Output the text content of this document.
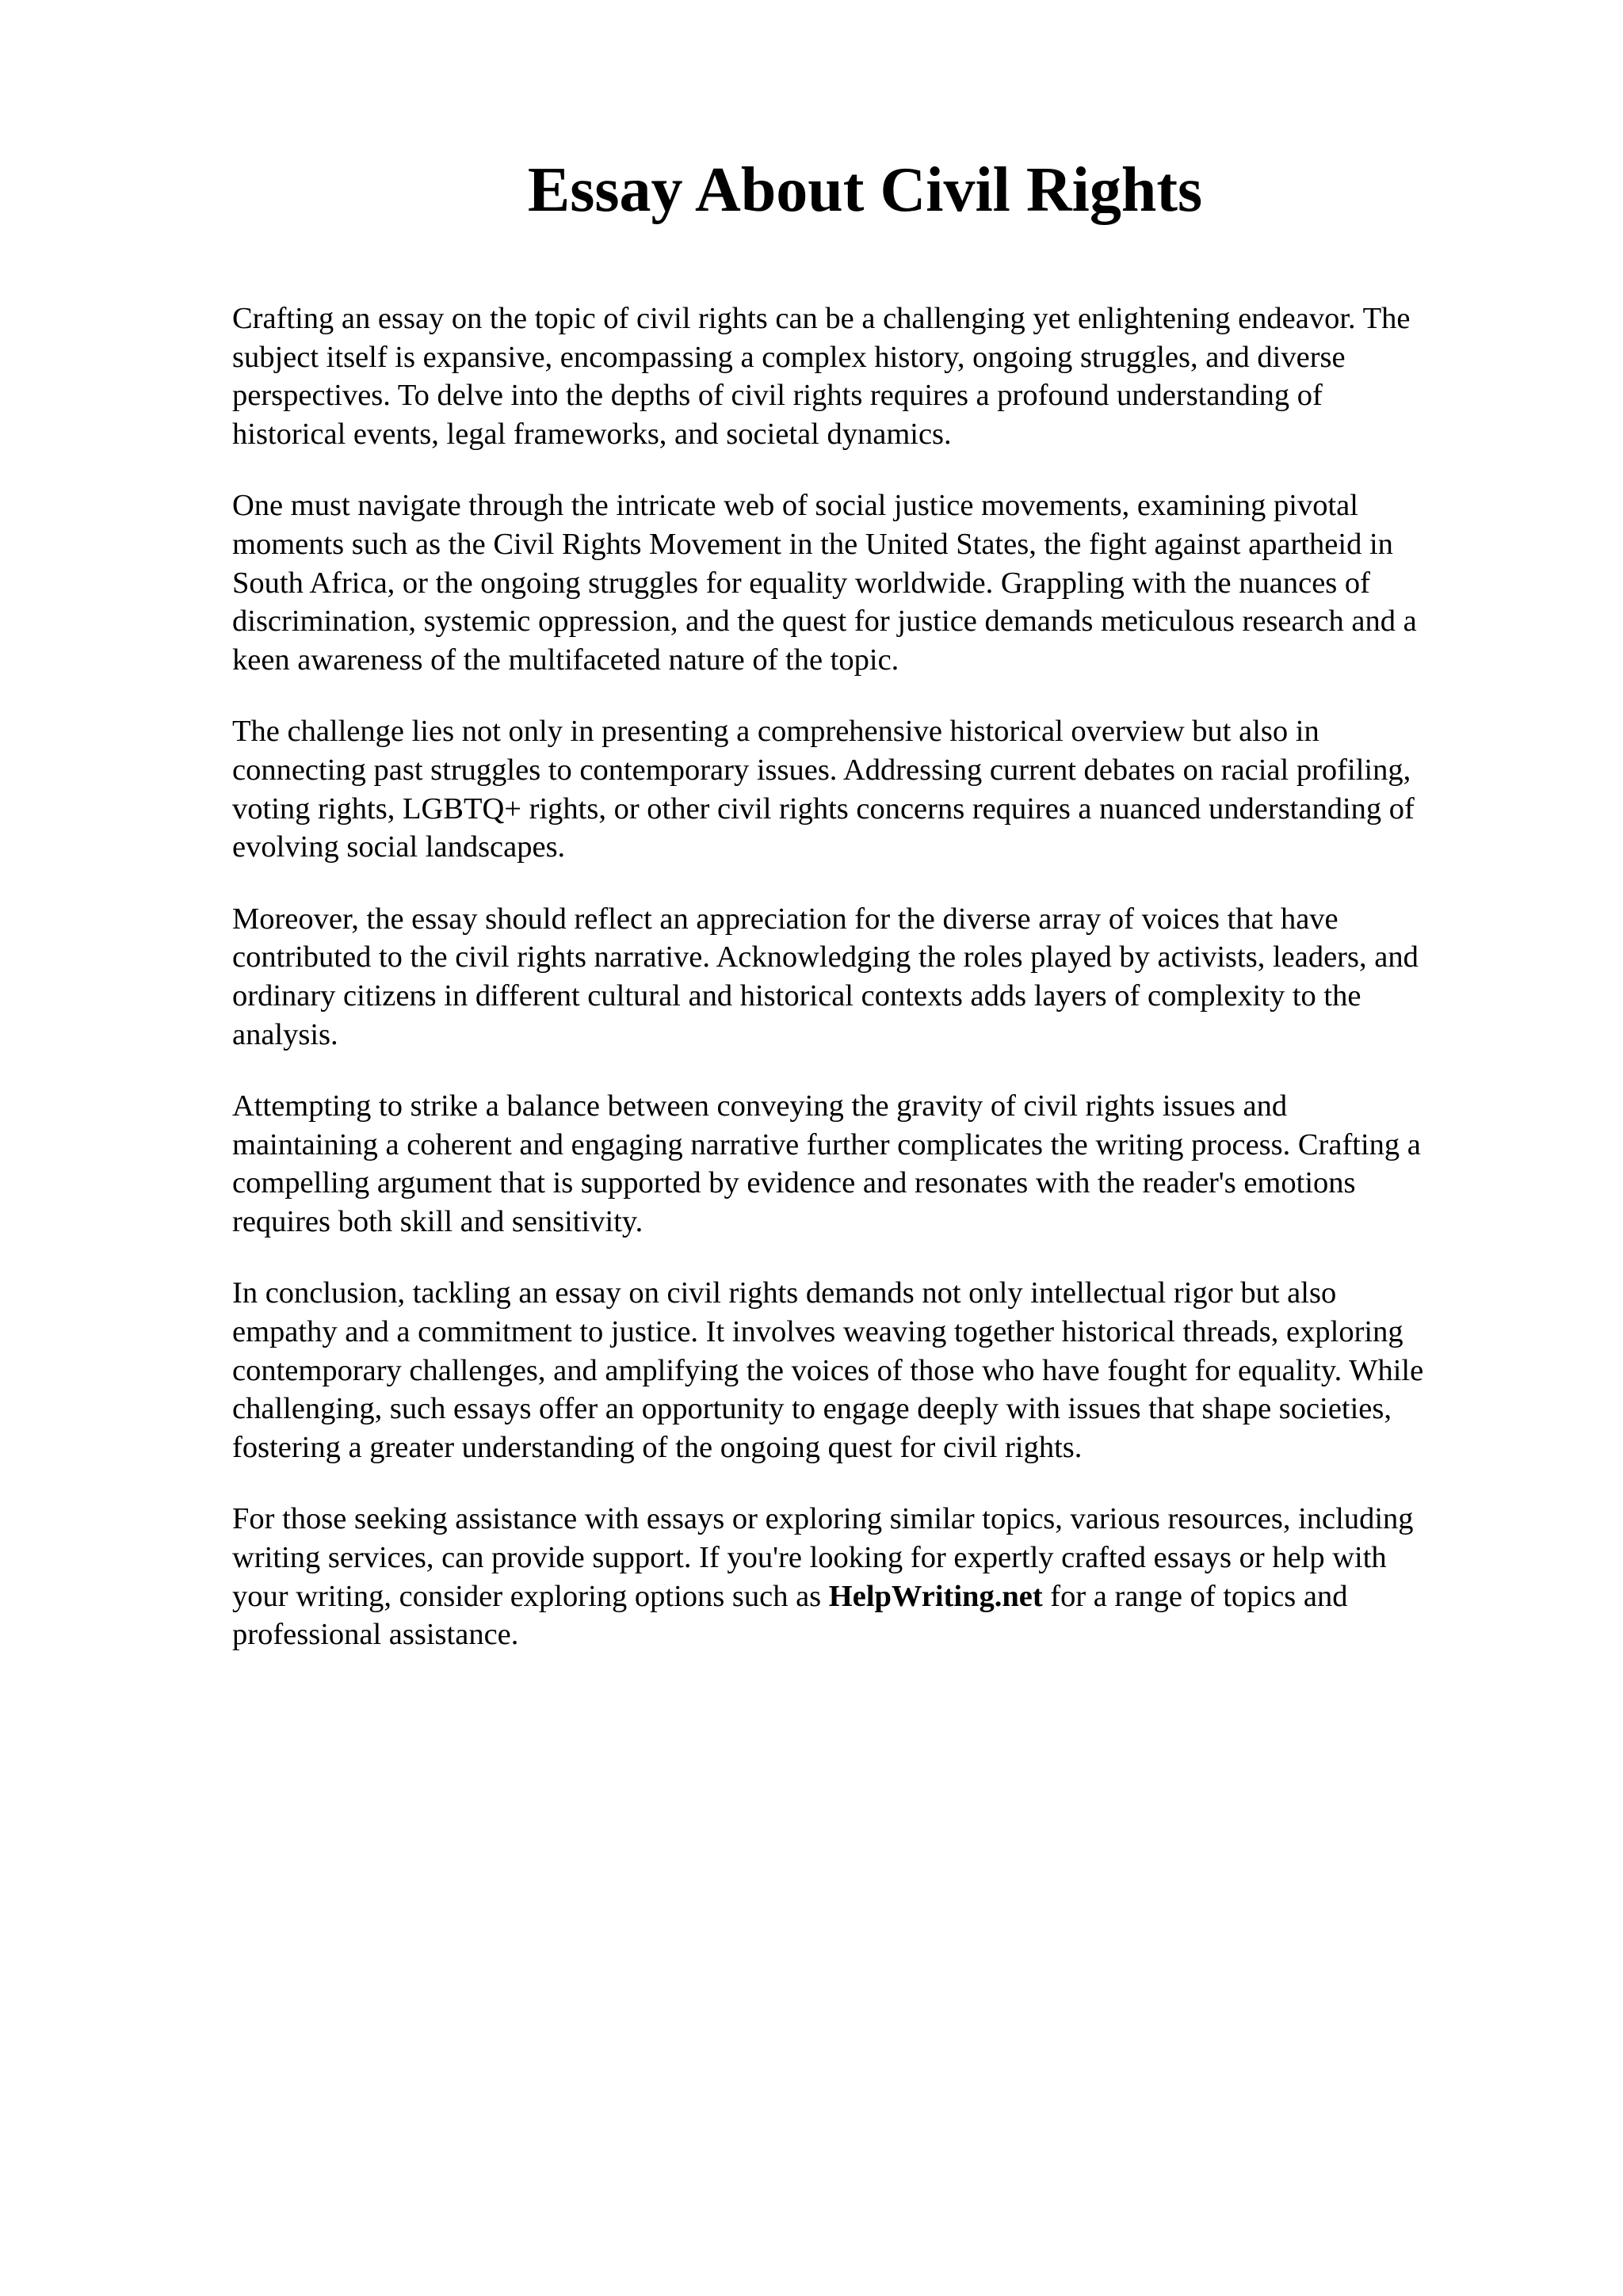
Essay About Civil Rights

Crafting an essay on the topic of civil rights can be a challenging yet enlightening endeavor. The
subject itself is expansive, encompassing a complex history, ongoing struggles, and diverse
perspectives. To delve into the depths of civil rights requires a profound understanding of
historical events, legal frameworks, and societal dynamics.

One must navigate through the intricate web of social justice movements, examining pivotal
moments such as the Civil Rights Movement in the United States, the fight against apartheid in
South Africa, or the ongoing struggles for equality worldwide. Grappling with the nuances of
discrimination, systemic oppression, and the quest for justice demands meticulous research and a
keen awareness of the multifaceted nature of the topic.

The challenge lies not only in presenting a comprehensive historical overview but also in
connecting past struggles to contemporary issues. Addressing current debates on racial profiling,
voting rights, LGBTQ+ rights, or other civil rights concerns requires a nuanced understanding of
evolving social landscapes.

Moreover, the essay should reflect an appreciation for the diverse array of voices that have
contributed to the civil rights narrative. Acknowledging the roles played by activists, leaders, and
ordinary citizens in different cultural and historical contexts adds layers of complexity to the
analysis.

Attempting to strike a balance between conveying the gravity of civil rights issues and
maintaining a coherent and engaging narrative further complicates the writing process. Crafting a
compelling argument that is supported by evidence and resonates with the reader's emotions
requires both skill and sensitivity.

In conclusion, tackling an essay on civil rights demands not only intellectual rigor but also
empathy and a commitment to justice. It involves weaving together historical threads, exploring
contemporary challenges, and amplifying the voices of those who have fought for equality. While
challenging, such essays offer an opportunity to engage deeply with issues that shape societies,
fostering a greater understanding of the ongoing quest for civil rights.

For those seeking assistance with essays or exploring similar topics, various resources, including
writing services, can provide support. If you're looking for expertly crafted essays or help with
your writing, consider exploring options such as HelpWriting.net for a range of topics and
professional assistance.
